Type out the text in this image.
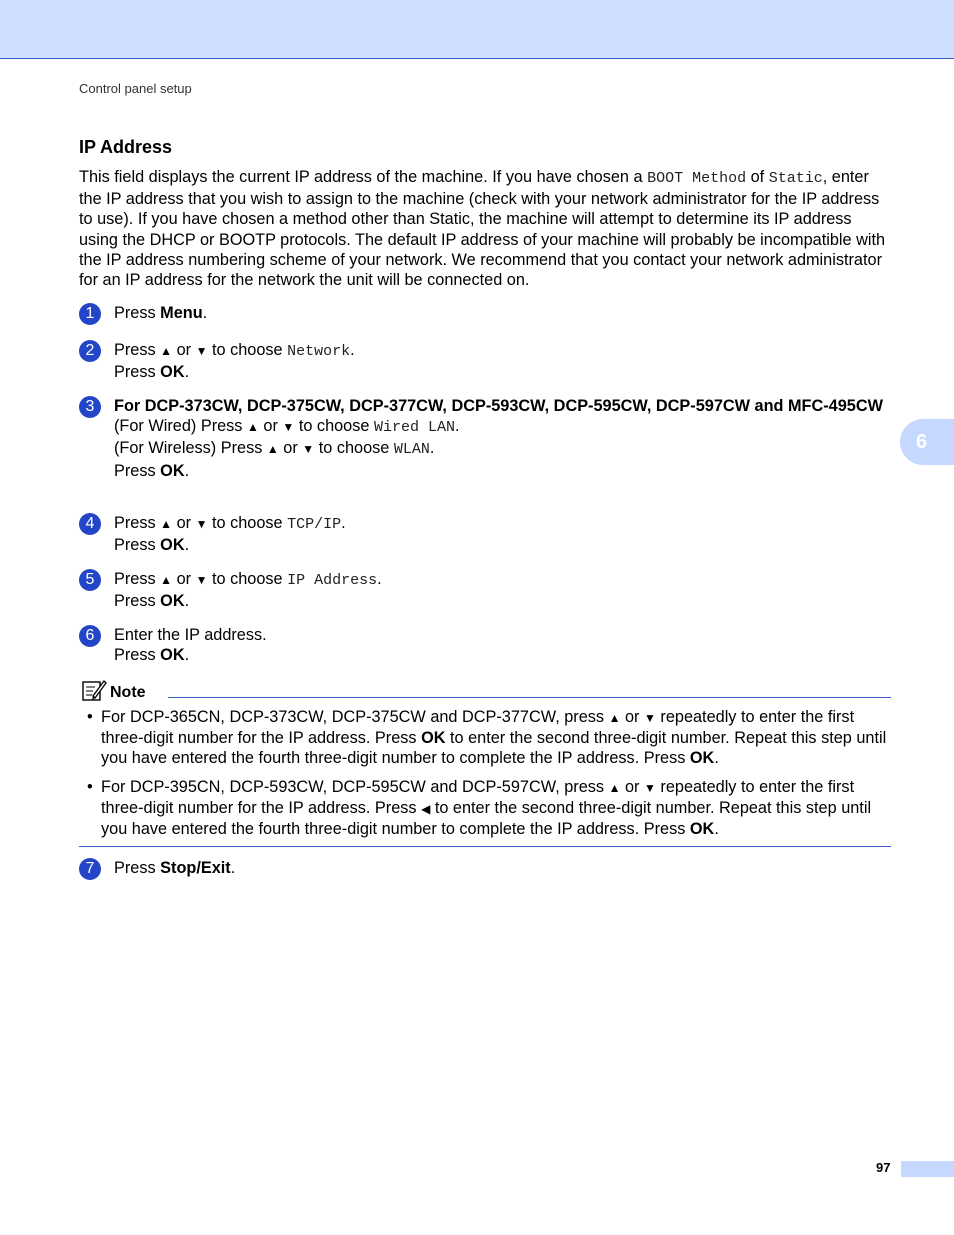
Control panel setup
6
IP Address
This field displays the current IP address of the machine. If you have chosen a BOOT Method of Static, enter the IP address that you wish to assign to the machine (check with your network administrator for the IP address to use). If you have chosen a method other than Static, the machine will attempt to determine its IP address using the DHCP or BOOTP protocols. The default IP address of your machine will probably be incompatible with the IP address numbering scheme of your network. We recommend that you contact your network administrator for an IP address for the network the unit will be connected on.
1	Press Menu.
2	Press ▲ or ▼ to choose Network.
Press OK.
3	For DCP-373CW, DCP-375CW, DCP-377CW, DCP-593CW, DCP-595CW, DCP-597CW and MFC-495CW
(For Wired) Press ▲ or ▼ to choose Wired LAN.
(For Wireless) Press ▲ or ▼ to choose WLAN.
Press OK.
4	Press ▲ or ▼ to choose TCP/IP.
Press OK.
5	Press ▲ or ▼ to choose IP Address.
Press OK.
6	Enter the IP address.
Press OK.
Note
• For DCP-365CN, DCP-373CW, DCP-375CW and DCP-377CW, press ▲ or ▼ repeatedly to enter the first three-digit number for the IP address. Press OK to enter the second three-digit number. Repeat this step until you have entered the fourth three-digit number to complete the IP address. Press OK.
• For DCP-395CN, DCP-593CW, DCP-595CW and DCP-597CW, press ▲ or ▼ repeatedly to enter the first three-digit number for the IP address. Press ◀ to enter the second three-digit number. Repeat this step until you have entered the fourth three-digit number to complete the IP address. Press OK.
7	Press Stop/Exit.
97
